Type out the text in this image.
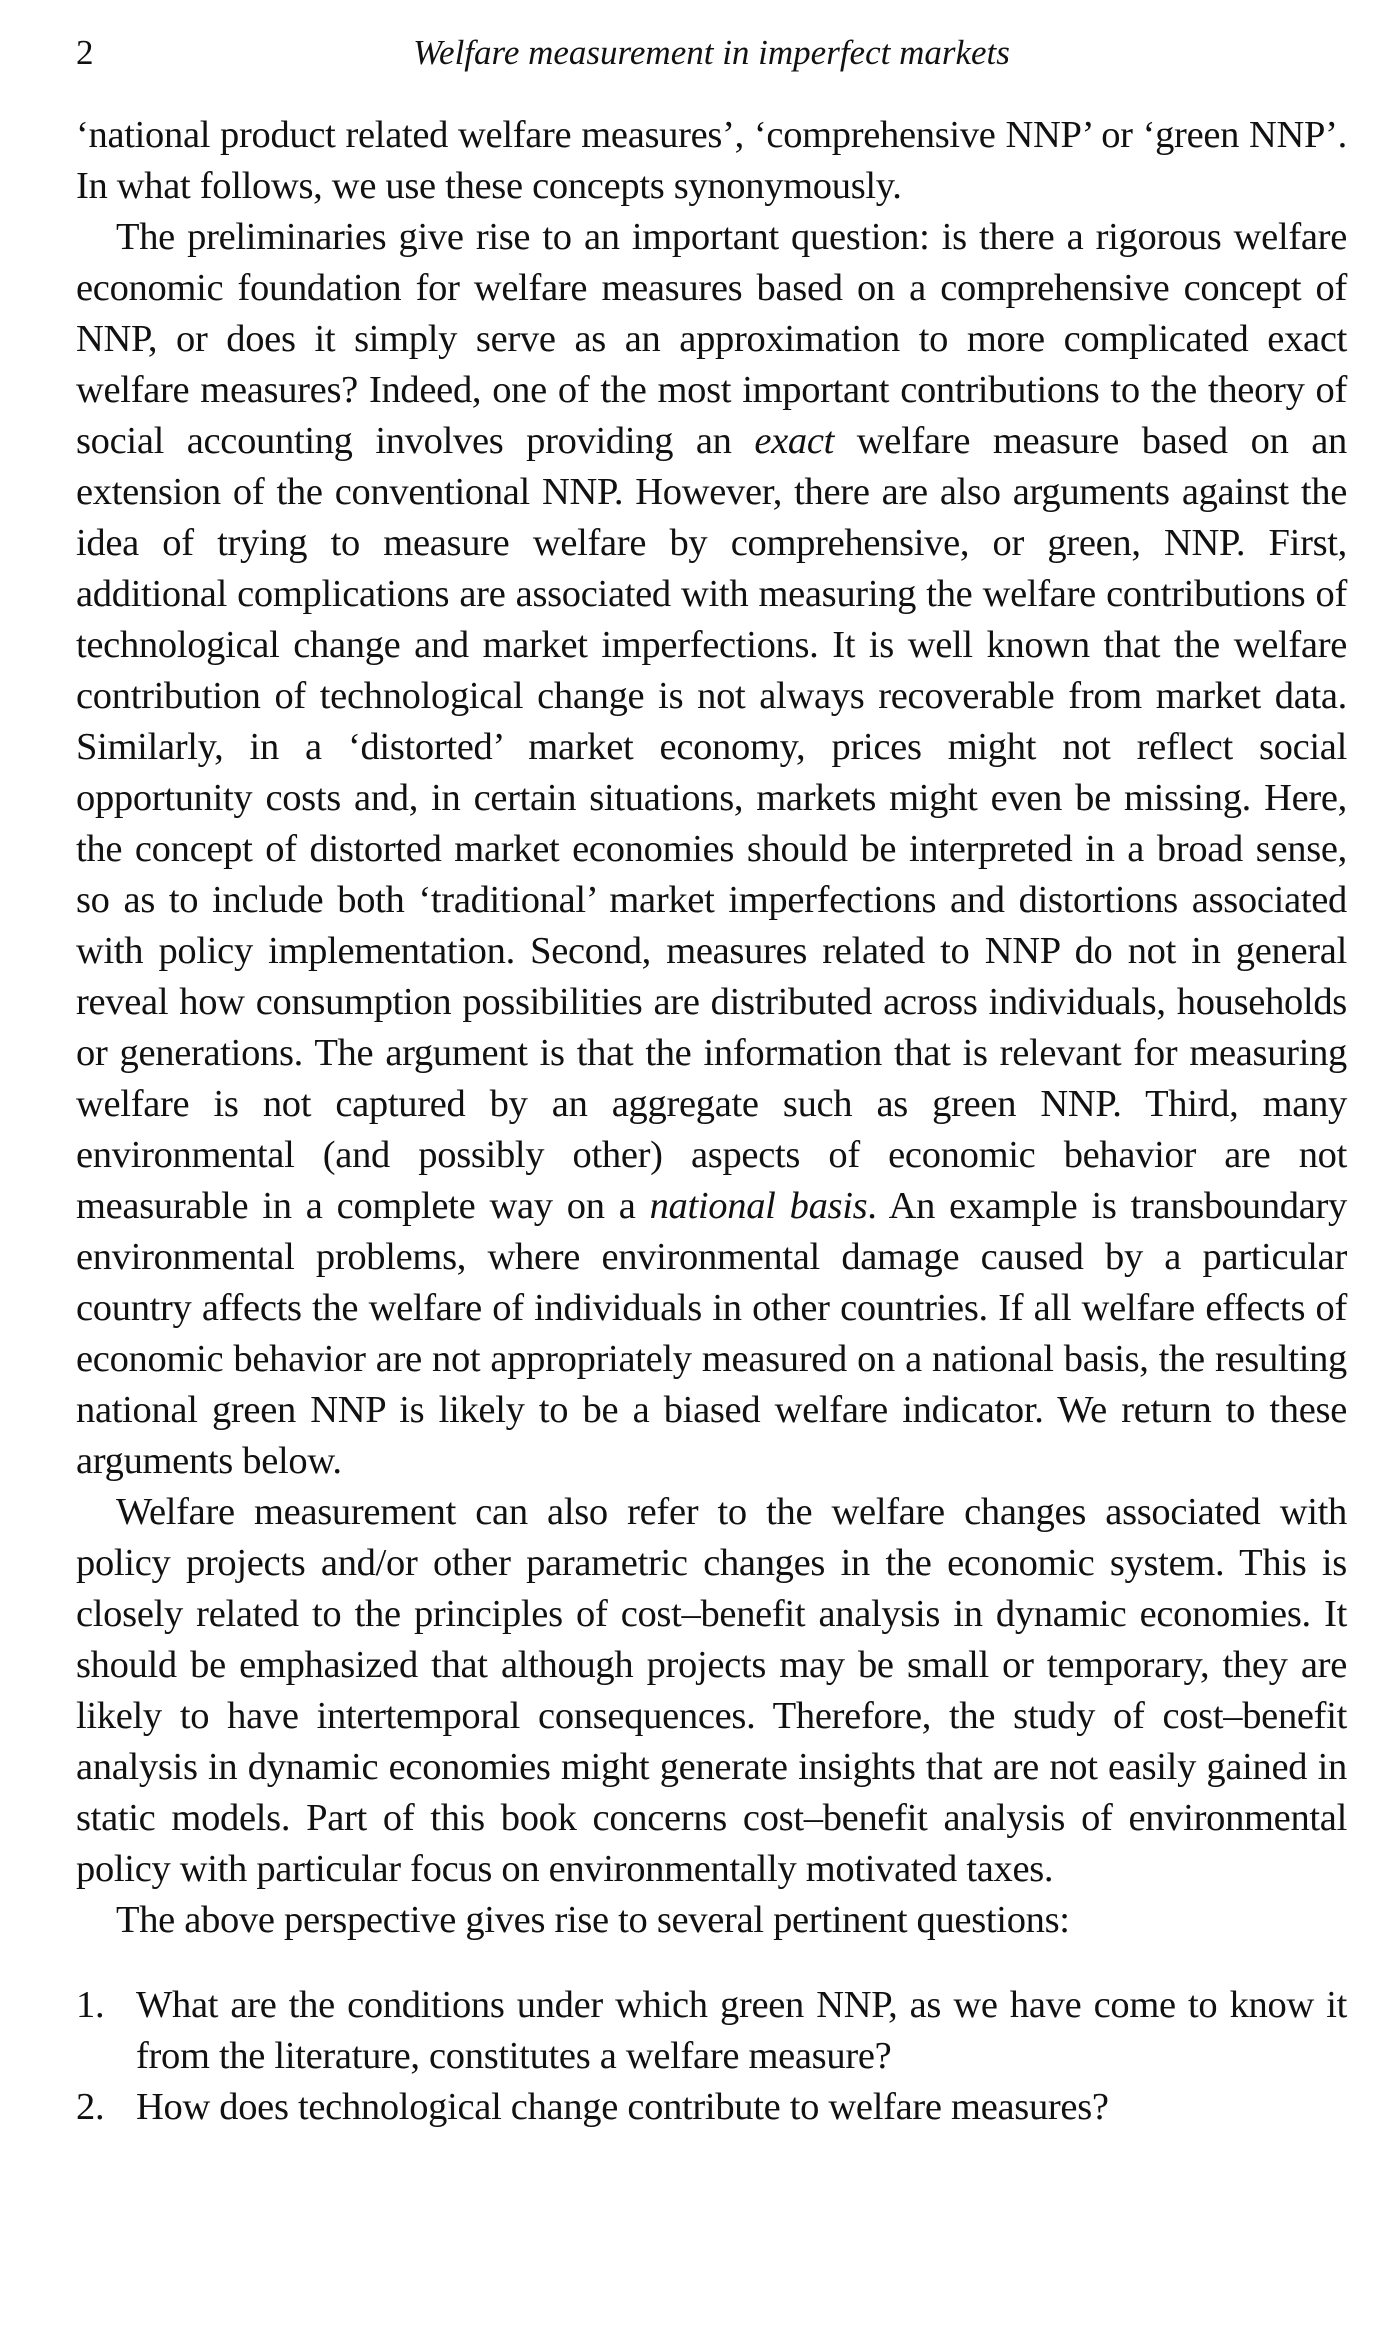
2	Welfare measurement in imperfect markets

‘national product related welfare measures’, ‘comprehensive NNP’ or ‘green NNP’. In what follows, we use these concepts synonymously.

The preliminaries give rise to an important question: is there a rigorous welfare economic foundation for welfare measures based on a comprehensive concept of NNP, or does it simply serve as an approximation to more complicated exact welfare measures? Indeed, one of the most important contributions to the theory of social accounting involves providing an exact welfare measure based on an extension of the conventional NNP. However, there are also arguments against the idea of trying to measure welfare by comprehensive, or green, NNP. First, additional complications are associated with measuring the welfare contributions of technological change and market imperfections. It is well known that the welfare contribution of technological change is not always recoverable from market data. Similarly, in a ‘distorted’ market economy, prices might not reflect social opportunity costs and, in certain situations, markets might even be missing. Here, the concept of distorted market economies should be interpreted in a broad sense, so as to include both ‘traditional’ market imperfections and distortions associated with policy implementation. Second, measures related to NNP do not in general reveal how consumption possibilities are distributed across individuals, households or generations. The argument is that the information that is relevant for measuring welfare is not captured by an aggregate such as green NNP. Third, many environmental (and possibly other) aspects of economic behavior are not measurable in a complete way on a national basis. An example is transboundary environmental problems, where environmental damage caused by a particular country affects the welfare of individuals in other countries. If all welfare effects of economic behavior are not appropriately measured on a national basis, the resulting national green NNP is likely to be a biased welfare indicator. We return to these arguments below.

Welfare measurement can also refer to the welfare changes associated with policy projects and/or other parametric changes in the economic system. This is closely related to the principles of cost–benefit analysis in dynamic economies. It should be emphasized that although projects may be small or temporary, they are likely to have intertemporal consequences. Therefore, the study of cost–benefit analysis in dynamic economies might generate insights that are not easily gained in static models. Part of this book concerns cost–benefit analysis of environmental policy with particular focus on environmentally motivated taxes.

The above perspective gives rise to several pertinent questions:

1. What are the conditions under which green NNP, as we have come to know it from the literature, constitutes a welfare measure?
2. How does technological change contribute to welfare measures?
